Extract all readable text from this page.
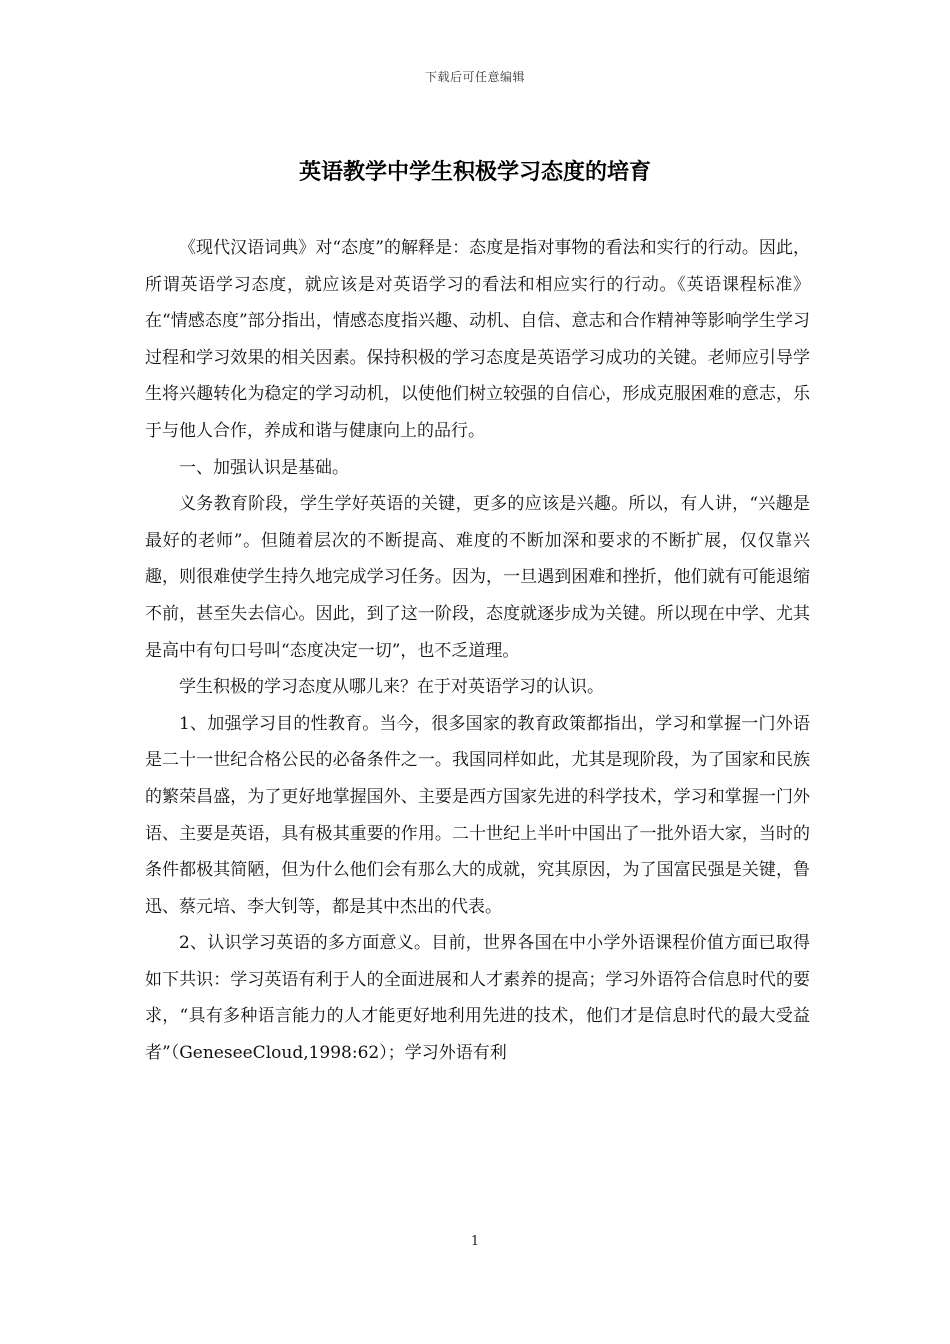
下载后可任意编辑
英语教学中学生积极学习态度的培育

《现代汉语词典》对“态度”的解释是：态度是指对事物的看法和实行的行动。因此，所谓英语学习态度，就应该是对英语学习的看法和相应实行的行动。《英语课程标准》在“情感态度”部分指出，情感态度指兴趣、动机、自信、意志和合作精神等影响学生学习过程和学习效果的相关因素。保持积极的学习态度是英语学习成功的关键。老师应引导学生将兴趣转化为稳定的学习动机，以使他们树立较强的自信心，形成克服困难的意志，乐于与他人合作，养成和谐与健康向上的品行。

一、加强认识是基础。

义务教育阶段，学生学好英语的关键，更多的应该是兴趣。所以，有人讲，“兴趣是最好的老师”。但随着层次的不断提高、难度的不断加深和要求的不断扩展，仅仅靠兴趣，则很难使学生持久地完成学习任务。因为，一旦遇到困难和挫折，他们就有可能退缩不前，甚至失去信心。因此，到了这一阶段，态度就逐步成为关键。所以现在中学、尤其是高中有句口号叫“态度决定一切”，也不乏道理。

学生积极的学习态度从哪儿来？在于对英语学习的认识。

1、加强学习目的性教育。当今，很多国家的教育政策都指出，学习和掌握一门外语是二十一世纪合格公民的必备条件之一。我国同样如此，尤其是现阶段，为了国家和民族的繁荣昌盛，为了更好地掌握国外、主要是西方国家先进的科学技术，学习和掌握一门外语、主要是英语，具有极其重要的作用。二十世纪上半叶中国出了一批外语大家，当时的条件都极其简陋，但为什么他们会有那么大的成就，究其原因，为了国富民强是关键，鲁迅、蔡元培、李大钊等，都是其中杰出的代表。

2、认识学习英语的多方面意义。目前，世界各国在中小学外语课程价值方面已取得如下共识：学习英语有利于人的全面进展和人才素养的提高；学习外语符合信息时代的要求，“具有多种语言能力的人才能更好地利用先进的技术，他们才是信息时代的最大受益者”（GeneseeCloud,1998:62）；学习外语有利

1
